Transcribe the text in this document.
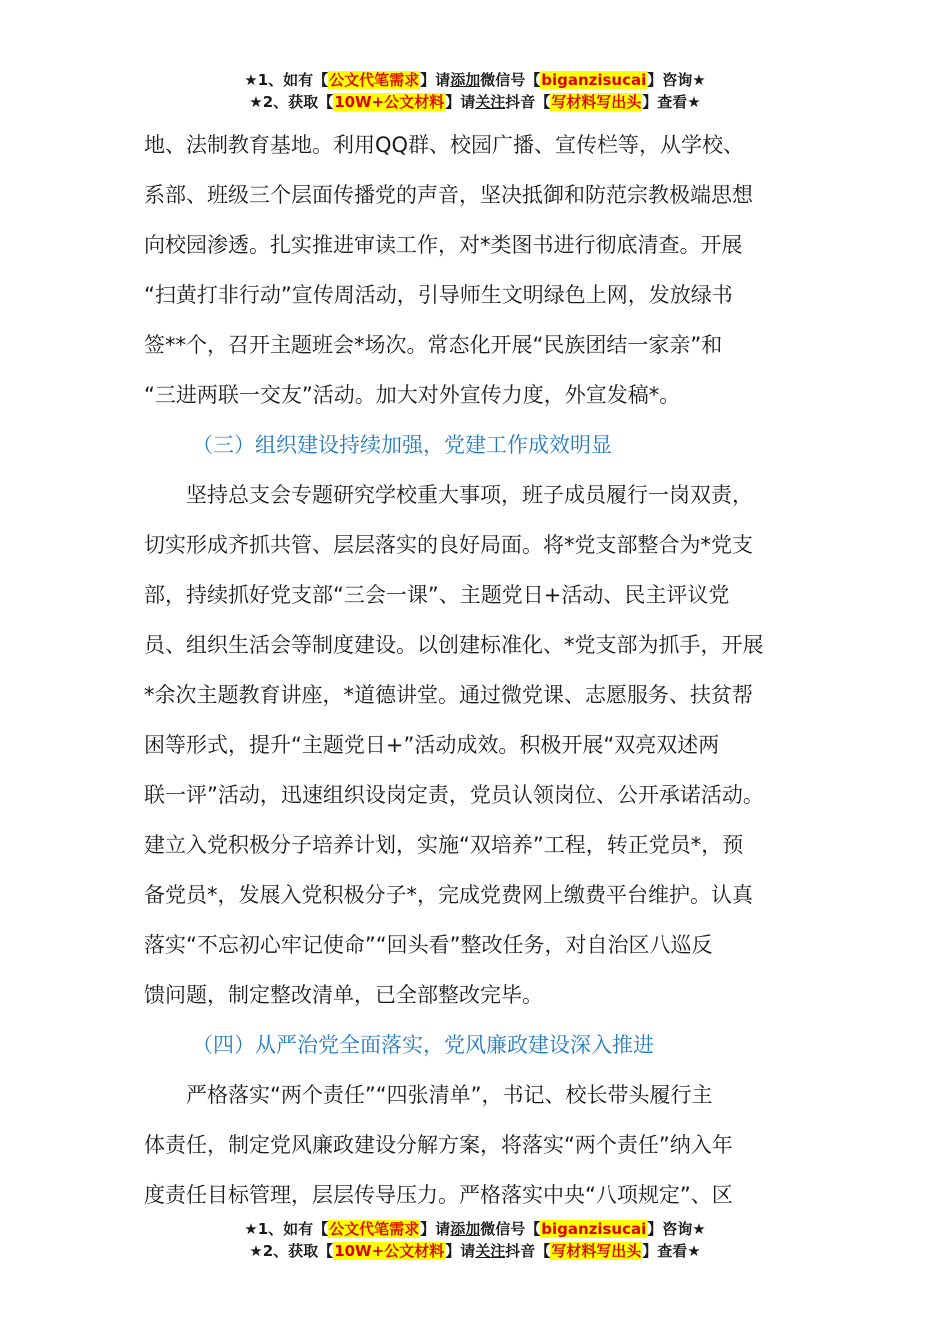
★1、如有【公文代笔需求】请添加微信号【biganzisucai】咨询★
★2、获取【10W+公文材料】请关注抖音【写材料写出头】查看★
地、法制教育基地。利用QQ群、校园广播、宣传栏等，从学校、
系部、班级三个层面传播党的声音，坚决抵御和防范宗教极端思想
向校园渗透。扎实推进审读工作，对*类图书进行彻底清查。开展
“扫黄打非行动”宣传周活动，引导师生文明绿色上网，发放绿书
签**个，召开主题班会*场次。常态化开展“民族团结一家亲”和
“三进两联一交友”活动。加大对外宣传力度，外宣发稿*。
（三）组织建设持续加强，党建工作成效明显
坚持总支会专题研究学校重大事项，班子成员履行一岗双责，
切实形成齐抓共管、层层落实的良好局面。将*党支部整合为*党支
部，持续抓好党支部“三会一课”、主题党日+活动、民主评议党
员、组织生活会等制度建设。以创建标准化、*党支部为抓手，开展
*余次主题教育讲座，*道德讲堂。通过微党课、志愿服务、扶贫帮
困等形式，提升“主题党日+”活动成效。积极开展“双亮双述两
联一评”活动，迅速组织设岗定责，党员认领岗位、公开承诺活动。
建立入党积极分子培养计划，实施“双培养”工程，转正党员*，预
备党员*，发展入党积极分子*，完成党费网上缴费平台维护。认真
落实“不忘初心牢记使命”“回头看”整改任务，对自治区八巡反
馈问题，制定整改清单，已全部整改完毕。
（四）从严治党全面落实，党风廉政建设深入推进
严格落实“两个责任”“四张清单”，书记、校长带头履行主
体责任，制定党风廉政建设分解方案，将落实“两个责任”纳入年
度责任目标管理，层层传导压力。严格落实中央“八项规定”、区
★1、如有【公文代笔需求】请添加微信号【biganzisucai】咨询★
★2、获取【10W+公文材料】请关注抖音【写材料写出头】查看★
